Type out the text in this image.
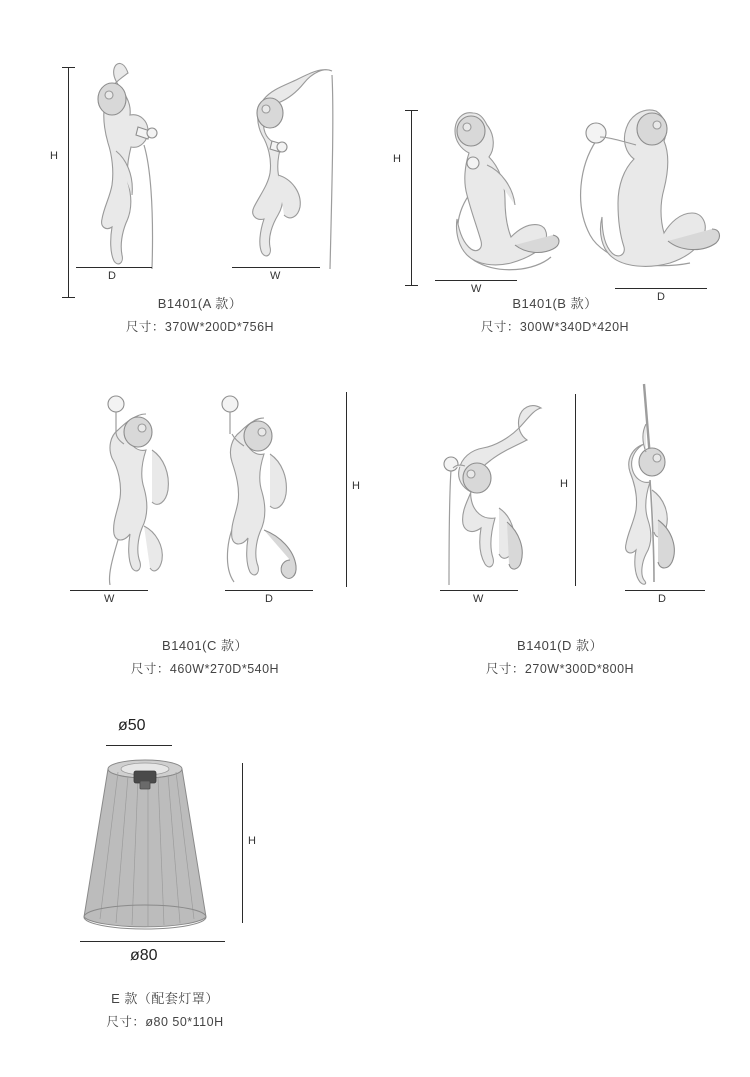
H
D	W
B1401(A 款）
尺寸：370W*200D*756H
H
W
D
B1401(B 款）
尺寸：300W*340D*420H
W	D
H
B1401(C 款）
尺寸：460W*270D*540H
W
H
D
B1401(D 款）
尺寸：270W*300D*800H
ø50
H
ø80
E 款（配套灯罩）
尺寸：ø80 50*110H
